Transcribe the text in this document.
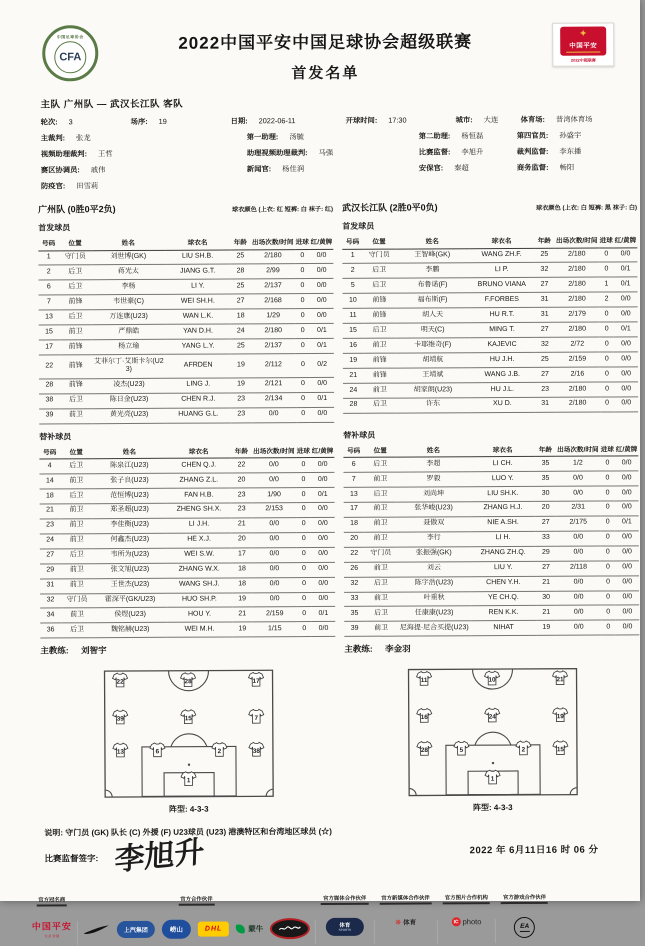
中国足球协会
CFA
2022中国平安中国足球协会超级联赛
首发名单
✦
中国平安
2022中超联赛
主队 广州队 — 武汉长江队 客队
轮次: 3	场序: 19	日期: 2022-06-11	开球时间: 17:30	城市: 大连	体育场: 普湾体育场
主裁判: 张龙	第一助理: 汤毓	第二助理: 杨恒磊	第四官员: 孙盛宇
视频助理裁判: 王哲	助理视频助理裁判: 马强	比赛监督: 李旭升	裁判监督: 李东播
赛区协调员: 戚伟	新闻官: 杨佳润	安保官: 秦超	商务监督: 畅阳
防疫官: 田雪莉
广州队 (0胜0平2负)	球衣颜色 (上衣: 红 短裤: 白 袜子: 红) 武汉长江队 (2胜0平0负)	球衣颜色 (上衣: 白 短裤: 黑 袜子: 白)
首发球员
号码	位置	姓名	球衣名	年龄	出场次数/时间	进球	红/黄牌
1	守门员	刘世博(GK)	LIU SH.B.	25	2/180	0	0/0
2	后卫	蒋光太	JIANG G.T.	28	2/99	0	0/0
6	后卫	李杨	LI Y.	25	2/137	0	0/0
7	前锋	韦世豪(C)	WEI SH.H.	27	2/168	0	0/0
13	后卫	万连康(U23)	WAN L.K.	18	1/29	0	0/0
15	前卫	严鼎皓	YAN D.H.	24	2/180	0	0/1
17	前锋	杨立瑜	YANG L.Y.	25	2/137	0	0/1
22	前锋	艾菲尔丁·艾斯卡尔(U23)	AFRDEN	19	2/112	0	0/2
28	前锋	凌杰(U23)	LING J.	19	2/121	0	0/0
38	后卫	陈日金(U23)	CHEN R.J.	23	2/134	0	0/1
39	前卫	黄光亮(U23)	HUANG G.L.	23	0/0	0	0/0
首发球员
号码	位置	姓名	球衣名	年龄	出场次数/时间	进球	红/黄牌
1	守门员	王智峰(GK)	WANG ZH.F.	25	2/180	0	0/0
2	后卫	李鹏	LI P.	32	2/180	0	0/1
5	后卫	布鲁诺(F)	BRUNO VIANA	27	2/180	1	0/1
10	前锋	福布斯(F)	F.FORBES	31	2/180	2	0/0
11	前锋	胡人天	HU R.T.	31	2/179	0	0/0
15	后卫	明天(C)	MING T.	27	2/180	0	0/1
16	前卫	卡耶维奇(F)	KAJEVIC	32	2/72	0	0/0
19	前锋	胡靖航	HU J.H.	25	2/159	0	0/0
21	前锋	王靖斌	WANG J.B.	27	2/16	0	0/0
24	前卫	胡家朗(U23)	HU J.L.	23	2/180	0	0/0
28	后卫	许东	XU D.	31	2/180	0	0/0
替补球员
号码	位置	姓名	球衣名	年龄	出场次数/时间	进球	红/黄牌
4	后卫	陈泉江(U23)	CHEN Q.J.	22	0/0	0	0/0
14	前卫	张子良(U23)	ZHANG Z.L.	20	0/0	0	0/0
18	后卫	范恒博(U23)	FAN H.B.	23	1/90	0	0/1
21	前卫	郑圣超(U23)	ZHENG SH.X.	23	2/153	0	0/0
23	前卫	李佳衡(U23)	LI J.H.	21	0/0	0	0/0
24	前卫	何鑫杰(U23)	HE X.J.	20	0/0	0	0/0
27	后卫	韦所为(U23)	WEI S.W.	17	0/0	0	0/0
29	前卫	张文旭(U23)	ZHANG W.X.	18	0/0	0	0/0
31	前卫	王世杰(U23)	WANG SH.J.	18	0/0	0	0/0
32	守门员	霍深平(GK/U23)	HUO SH.P.	19	0/0	0	0/0
34	前卫	侯煜(U23)	HOU Y.	21	2/159	0	0/1
36	后卫	魏铭赫(U23)	WEI M.H.	19	1/15	0	0/0
主教练: 刘智宇
替补球员
号码	位置	姓名	球衣名	年龄	出场次数/时间	进球	红/黄牌
6	后卫	李超	LI CH.	35	1/2	0	0/0
7	前卫	罗毅	LUO Y.	35	0/0	0	0/0
13	后卫	刘尚坤	LIU SH.K.	30	0/0	0	0/0
17	前卫	张华峻(U23)	ZHANG H.J.	20	2/31	0	0/0
18	前卫	聂傲双	NIE A.SH.	27	2/175	0	0/1
20	前卫	李行	LI H.	33	0/0	0	0/0
22	守门员	张振强(GK)	ZHANG ZH.Q.	29	0/0	0	0/0
26	前卫	刘云	LIU Y.	27	2/118	0	0/0
32	后卫	陈宇浩(U23)	CHEN Y.H.	21	0/0	0	0/0
33	前卫	叶重秋	YE CH.Q.	30	0/0	0	0/0
35	后卫	任康康(U23)	REN K.K.	21	0/0	0	0/0
39	前卫	尼海提·尼合买提(U23)	NIHAT	19	0/0	0	0/0
主教练: 李金羽
22	28	17
39	15	7
13	6	2	38
1
阵型: 4-3-3
11	10	21
16	24	19
28	5	2	15
1
阵型: 4-3-3
说明: 守门员 (GK) 队长 (C) 外援 (F) U23球员 (U23) 港澳特区和台湾地区球员 (☆)
比赛监督签字: 李旭升	2022 年 6月11日16 时 06 分
官方冠名商
中国平安
专业 价值
官方合作伙伴
上汽集团	崂山	DHL	蒙牛
官方媒体合作伙伴
体育
SPORTS
官方新媒体合作伙伴
❋ 体育
官方图片合作机构
IC photo
官方游戏合作伙伴
EA
